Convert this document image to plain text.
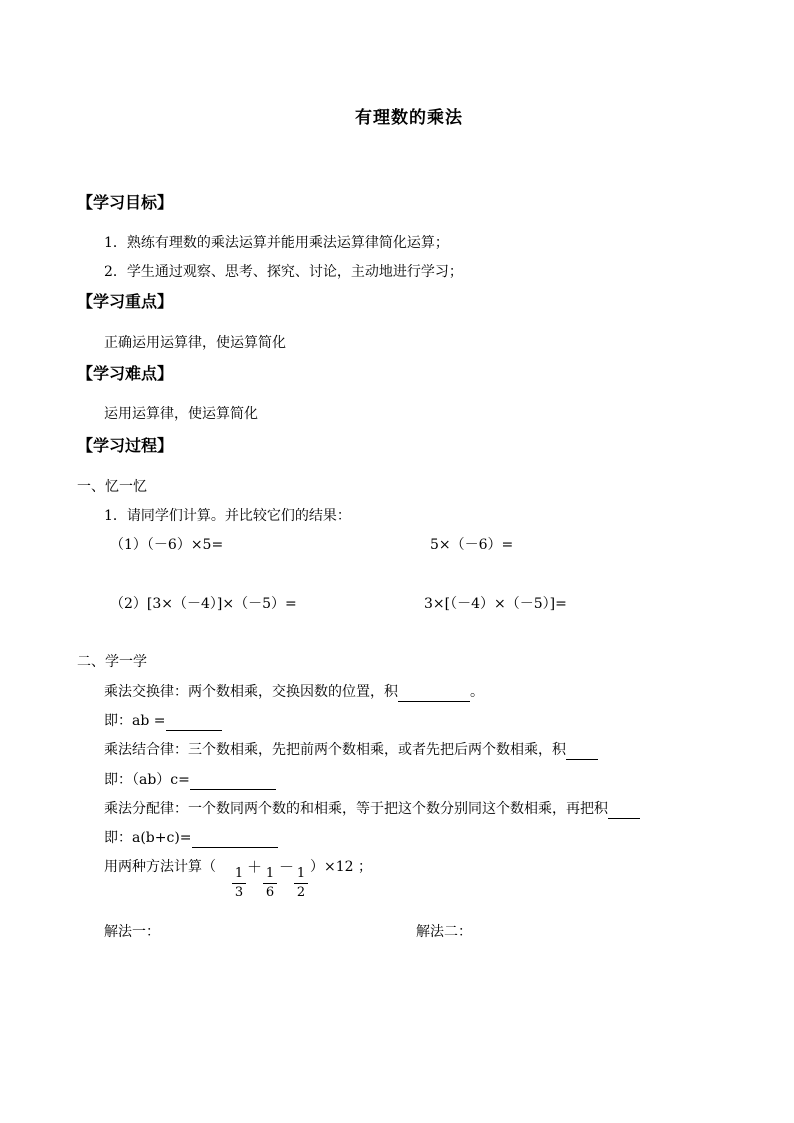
有理数的乘法
【学习目标】
1．熟练有理数的乘法运算并能用乘法运算律简化运算；
2．学生通过观察、思考、探究、讨论，主动地进行学习；
【学习重点】
正确运用运算律，使运算简化
【学习难点】
运用运算律，使运算简化
【学习过程】
一、忆一忆
1．请同学们计算。并比较它们的结果：
（1）（－6）×5=	5×（－6）=
（2）[3×（－4）]×（－5）=	3×[（－4）×（－5）]=
二、学一学
乘法交换律：两个数相乘，交换因数的位置，积	。
即：ab =
乘法结合律：三个数相乘，先把前两个数相乘，或者先把后两个数相乘，积
即：（ab）c=
乘法分配律：一个数同两个数的和相乘，等于把这个数分别同这个数相乘，再把积
即：a(b+c)=
用两种方法计算（ $\frac{1}{3} + \frac{1}{6} - \frac{1}{2} )\times 12$ ；
解法一：	解法二：
